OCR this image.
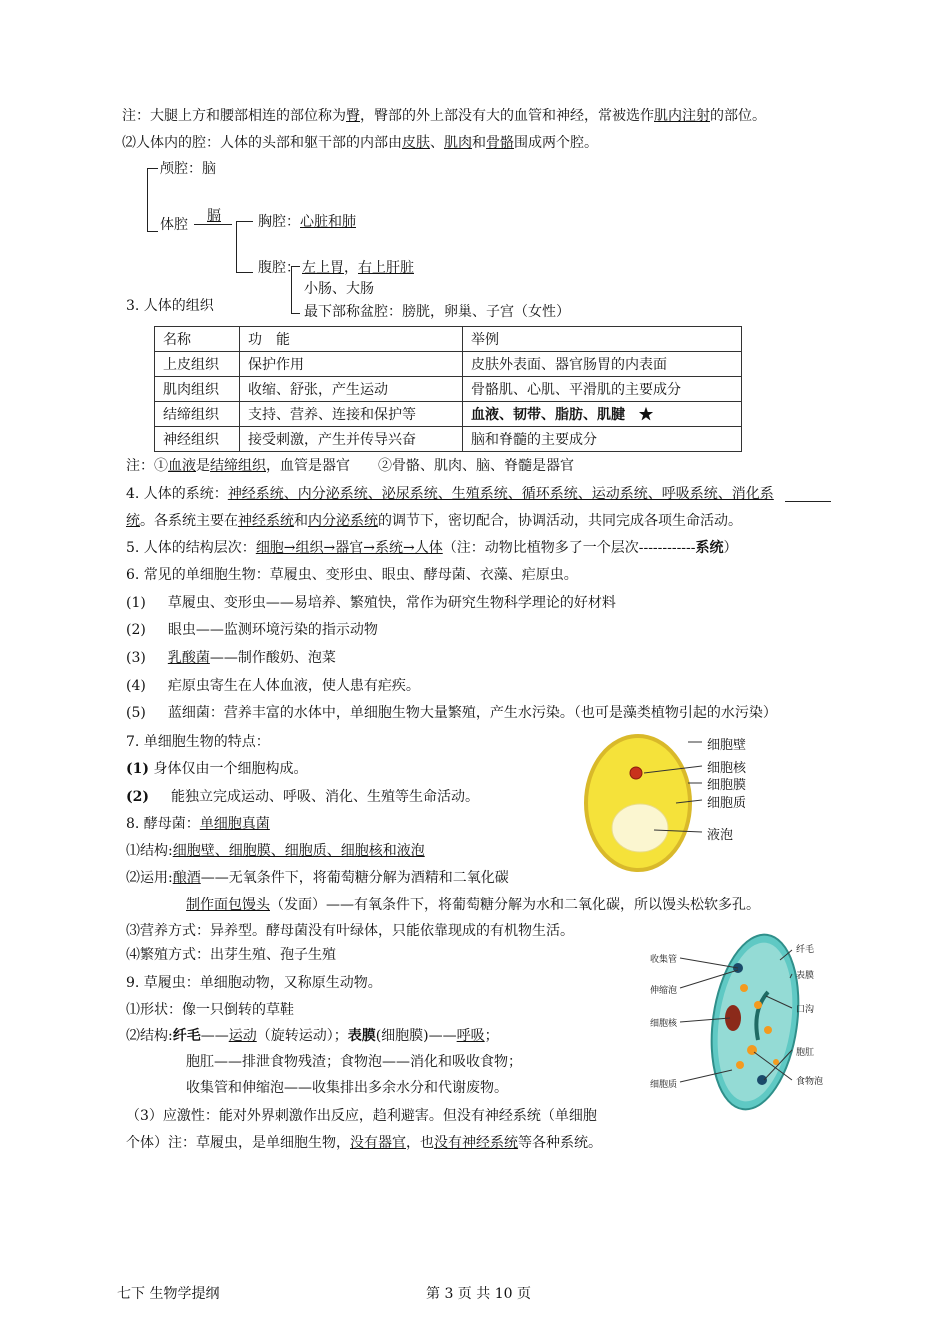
注：大腿上方和腰部相连的部位称为臀，臀部的外上部没有大的血管和神经，常被选作肌内注射的部位。
⑵人体内的腔：人体的头部和躯干部的内部由皮肤、肌肉和骨骼围成两个腔。
颅腔：脑
体腔
膈	胸腔：心脏和肺
腹腔： 左上胃，右上肝脏
小肠、大肠
最下部称盆腔：膀胱，卵巢、子宫（女性）
3. 人体的组织
名称	功　能	举例
上皮组织	保护作用	皮肤外表面、器官肠胃的内表面
肌肉组织	收缩、舒张，产生运动	骨骼肌、心肌、平滑肌的主要成分
结缔组织	支持、营养、连接和保护等	血液、韧带、脂肪、肌腱　★
神经组织	接受刺激，产生并传导兴奋	脑和脊髓的主要成分
注：①血液是结缔组织，血管是器官　　②骨骼、肌肉、脑、脊髓是器官
4. 人体的系统：神经系统、内分泌系统、泌尿系统、生殖系统、循环系统、运动系统、呼吸系统、消化系
统。各系统主要在神经系统和内分泌系统的调节下，密切配合，协调活动，共同完成各项生命活动。
5. 人体的结构层次：细胞→组织→器官→系统→人体（注：动物比植物多了一个层次------------系统）
6. 常见的单细胞生物：草履虫、变形虫、眼虫、酵母菌、衣藻、疟原虫。
(1) 草履虫、变形虫——易培养、繁殖快，常作为研究生物科学理论的好材料
(2) 眼虫——监测环境污染的指示动物
(3) 乳酸菌——制作酸奶、泡菜
(4) 疟原虫寄生在人体血液，使人患有疟疾。
(5) 蓝细菌：营养丰富的水体中，单细胞生物大量繁殖，产生水污染。（也可是藻类植物引起的水污染）
7. 单细胞生物的特点：
(1) 身体仅由一个细胞构成。
(2) 能独立完成运动、呼吸、消化、生殖等生命活动。
8. 酵母菌：单细胞真菌
⑴结构:细胞壁、细胞膜、细胞质、细胞核和液泡
⑵运用:酿酒——无氧条件下，将葡萄糖分解为酒精和二氧化碳
制作面包馒头（发面）——有氧条件下，将葡萄糖分解为水和二氧化碳，所以馒头松软多孔。
⑶营养方式：异养型。酵母菌没有叶绿体，只能依靠现成的有机物生活。
⑷繁殖方式：出芽生殖、孢子生殖
9. 草履虫：单细胞动物，又称原生动物。
⑴形状：像一只倒转的草鞋
⑵结构:纤毛——运动（旋转运动）；表膜(细胞膜)——呼吸；
胞肛——排泄食物残渣；食物泡——消化和吸收食物；
收集管和伸缩泡——收集排出多余水分和代谢废物。
（3）应激性：能对外界刺激作出反应，趋利避害。但没有神经系统（单细胞
个体）注：草履虫，是单细胞生物，没有器官，也没有神经系统等各种系统。
细胞壁
细胞核
细胞膜
细胞质
液泡
收集管
伸缩泡
细胞核
细胞质
纤毛
表膜
口沟
胞肛
食物泡
七下 生物学提纲	第 3 页 共 10 页
